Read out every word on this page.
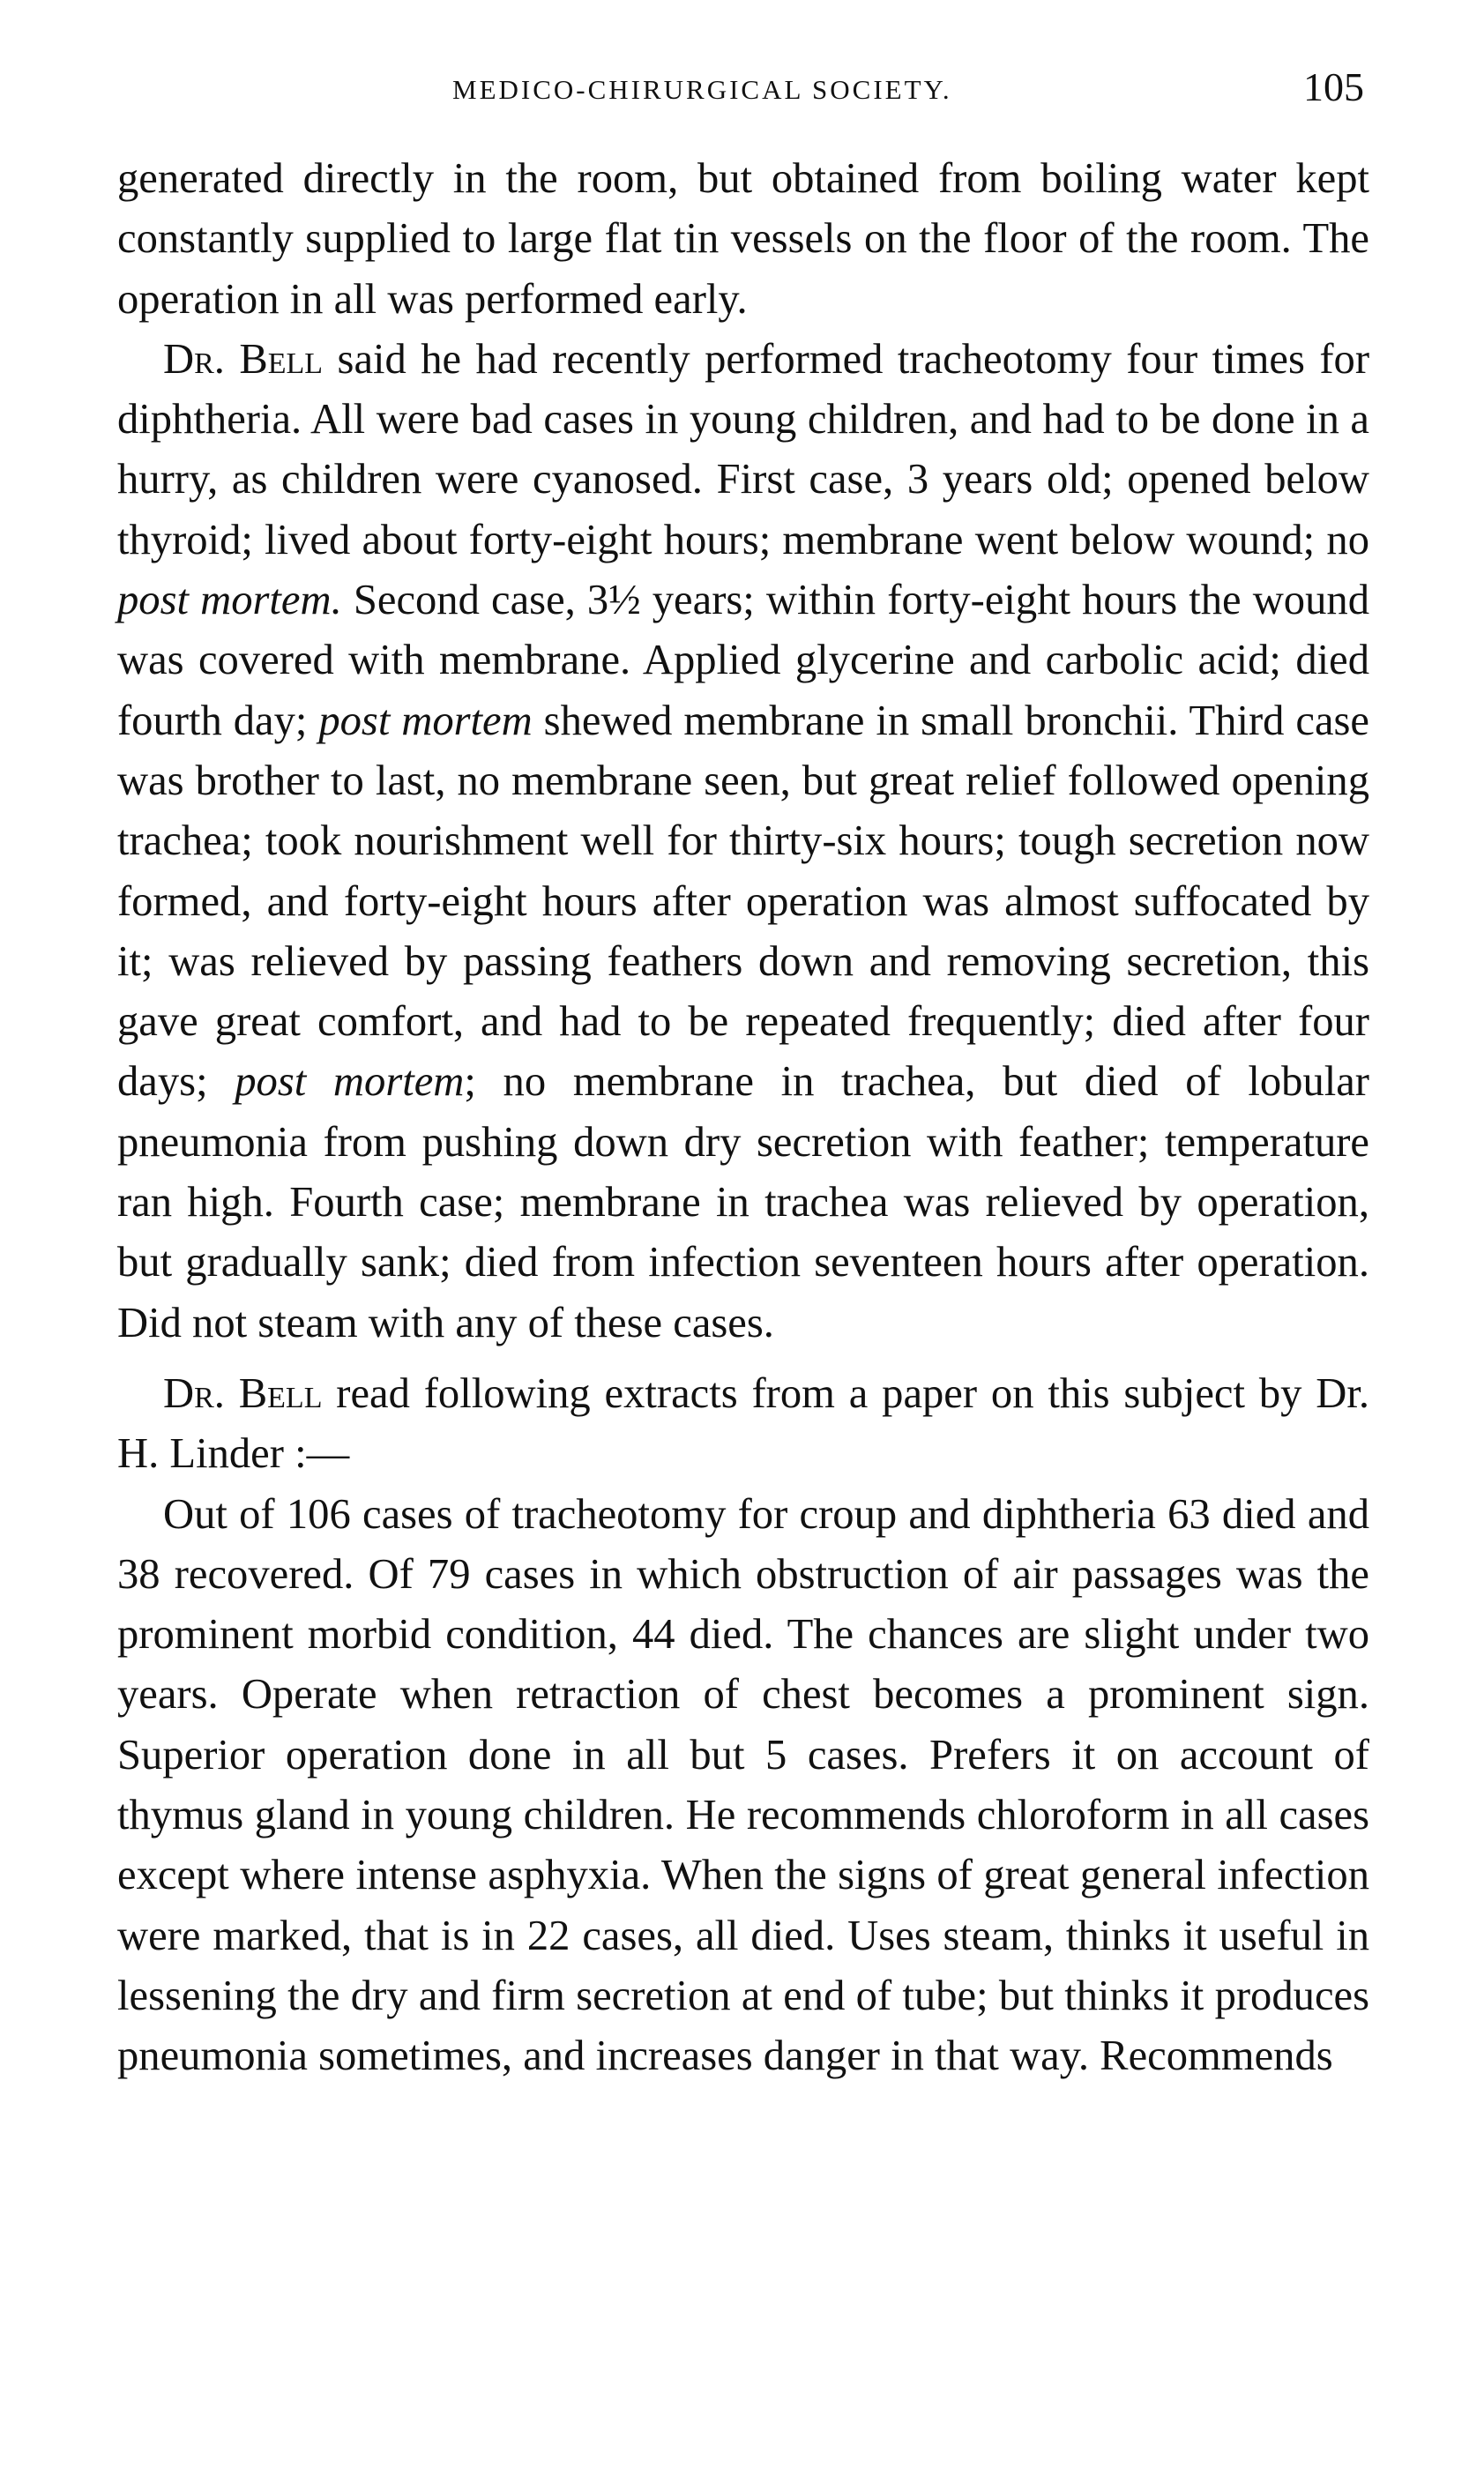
MEDICO-CHIRURGICAL SOCIETY.	105

generated directly in the room, but obtained from boiling water kept constantly supplied to large flat tin vessels on the floor of the room. The operation in all was performed early.

Dr. Bell said he had recently performed tracheotomy four times for diphtheria. All were bad cases in young children, and had to be done in a hurry, as children were cyanosed. First case, 3 years old; opened below thyroid; lived about forty-eight hours; membrane went below wound; no post mortem. Second case, 3½ years; within forty-eight hours the wound was covered with membrane. Applied glycerine and carbolic acid; died fourth day; post mortem shewed membrane in small bronchii. Third case was brother to last, no membrane seen, but great relief followed opening trachea; took nourishment well for thirty-six hours; tough secretion now formed, and forty-eight hours after operation was almost suffocated by it; was relieved by passing feathers down and removing secretion, this gave great comfort, and had to be repeated frequently; died after four days; post mortem; no membrane in trachea, but died of lobular pneumonia from pushing down dry secretion with feather; temperature ran high. Fourth case; membrane in trachea was relieved by operation, but gradually sank; died from infection seventeen hours after operation. Did not steam with any of these cases.

Dr. Bell read following extracts from a paper on this subject by Dr. H. Linder :—

Out of 106 cases of tracheotomy for croup and diphtheria 63 died and 38 recovered. Of 79 cases in which obstruction of air passages was the prominent morbid condition, 44 died. The chances are slight under two years. Operate when retraction of chest becomes a prominent sign. Superior operation done in all but 5 cases. Prefers it on account of thymus gland in young children. He recommends chloroform in all cases except where intense asphyxia. When the signs of great general infection were marked, that is in 22 cases, all died. Uses steam, thinks it useful in lessening the dry and firm secretion at end of tube; but thinks it produces pneumonia sometimes, and increases danger in that way. Recommends
